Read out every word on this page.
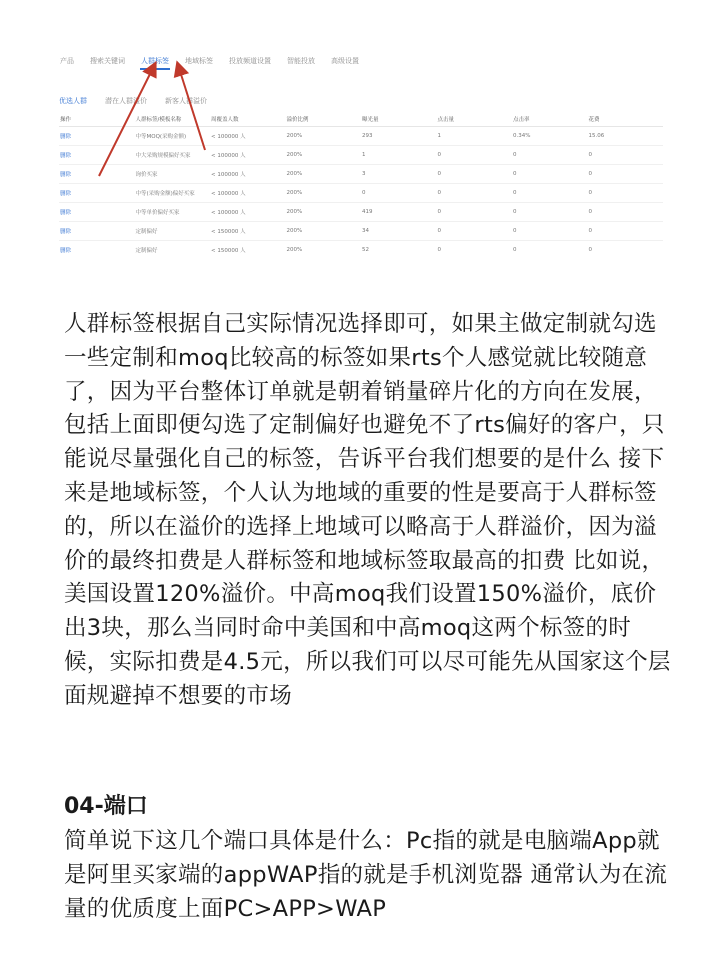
产品 搜索关键词 人群标签 地域标签 投放频道设置 智能投放 高级设置
优选人群	潜在人群溢价	新客人群溢价
操作	人群标签/模板名称	周覆盖人数	溢价比例	曝光量	点击量	点击率	花费
删除	中等MOQ(采购金额)	< 100000 人	200%	293	1	0.34%	15.06
删除	中大采购规模偏好买家	< 100000 人	200%	1	0	0	0
删除	询价买家	< 100000 人	200%	3	0	0	0
删除	中等(采购金额)偏好买家	< 100000 人	200%	0	0	0	0
删除	中等单价偏好买家	< 100000 人	200%	419	0	0	0
删除	定制偏好	< 150000 人	200%	34	0	0	0
删除	定制偏好	< 150000 人	200%	52	0	0	0

人群标签根据自己实际情况选择即可，如果主做定制就勾选一些定制和moq比较高的标签如果rts个人感觉就比较随意了，因为平台整体订单就是朝着销量碎片化的方向在发展，包括上面即便勾选了定制偏好也避免不了rts偏好的客户，只能说尽量强化自己的标签，告诉平台我们想要的是什么 接下来是地域标签，个人认为地域的重要的性是要高于人群标签的，所以在溢价的选择上地域可以略高于人群溢价，因为溢价的最终扣费是人群标签和地域标签取最高的扣费 比如说，美国设置120%溢价。中高moq我们设置150%溢价，底价出3块，那么当同时命中美国和中高moq这两个标签的时候，实际扣费是4.5元，所以我们可以尽可能先从国家这个层面规避掉不想要的市场

04-端口

简单说下这几个端口具体是什么：Pc指的就是电脑端App就是阿里买家端的appWAP指的就是手机浏览器 通常认为在流量的优质度上面PC>APP>WAP
